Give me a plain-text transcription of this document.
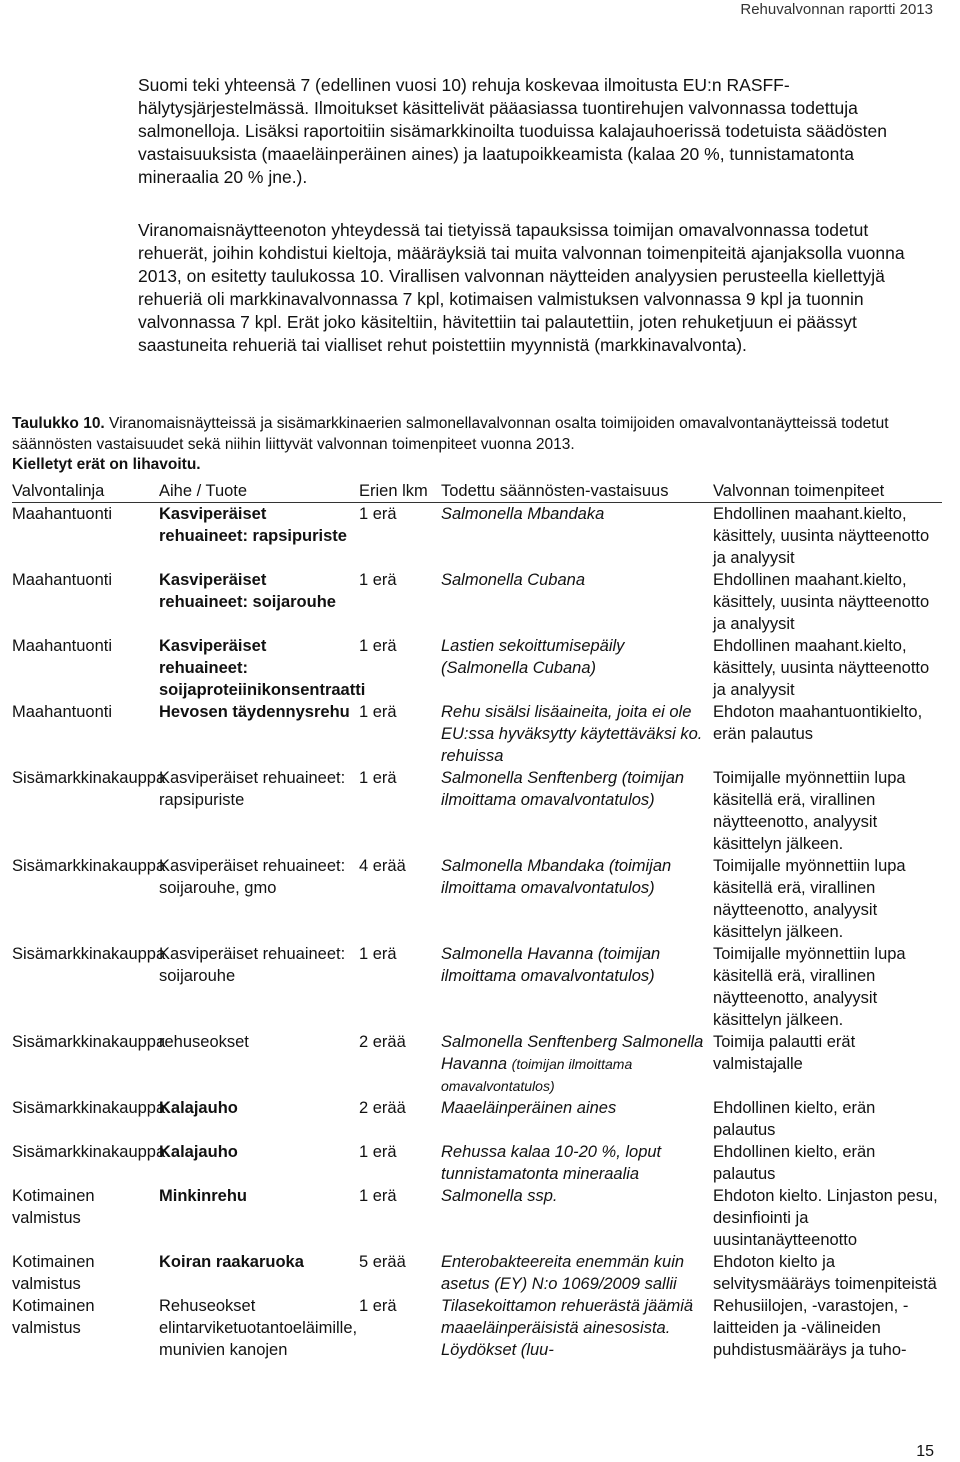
Rehuvalvonnan raportti 2013

Suomi teki yhteensä 7 (edellinen vuosi 10) rehuja koskevaa ilmoitusta EU:n RASFF-hälytysjärjestelmässä. Ilmoitukset käsittelivät pääasiassa tuontirehujen valvonnassa todettuja salmonelloja. Lisäksi raportoitiin sisämarkkinoilta tuoduissa kalajauhoerissä todetuista säädösten vastaisuuksista (maaeläinperäinen aines) ja laatupoikkeamista (kalaa 20 %, tunnistamatonta mineraalia 20 % jne.).

Viranomaisnäytteenoton yhteydessä tai tietyissä tapauksissa toimijan omavalvonnassa todetut rehuerät, joihin kohdistui kieltoja, määräyksiä tai muita valvonnan toimenpiteitä ajanjaksolla vuonna 2013, on esitetty taulukossa 10. Virallisen valvonnan näytteiden analyysien perusteella kiellettyjä rehueriä oli markkinavalvonnassa 7 kpl, kotimaisen valmistuksen valvonnassa 9 kpl ja tuonnin valvonnassa 7 kpl. Erät joko käsiteltiin, hävitettiin tai palautettiin, joten rehuketjuun ei päässyt saastuneita rehueriä tai vialliset rehut poistettiin myynnistä (markkinavalvonta).

Taulukko 10. Viranomaisnäytteissä ja sisämarkkinaerien salmonellavalvonnan osalta toimijoiden omavalvontanäytteissä todetut säännösten vastaisuudet sekä niihin liittyvät valvonnan toimenpiteet vuonna 2013.
Kielletyt erät on lihavoitu.

Valvontalinja	Aihe / Tuote	Erien lkm	Todettu säännösten-vastaisuus	Valvonnan toimenpiteet
Maahantuonti	Kasviperäiset rehuaineet: rapsipuriste	1 erä	Salmonella Mbandaka	Ehdollinen maahant.kielto, käsittely, uusinta näytteenotto ja analyysit
Maahantuonti	Kasviperäiset rehuaineet: soijarouhe	1 erä	Salmonella Cubana	Ehdollinen maahant.kielto, käsittely, uusinta näytteenotto ja analyysit
Maahantuonti	Kasviperäiset rehuaineet: soijaproteiinikonsentraatti	1 erä	Lastien sekoittumisepäily (Salmonella Cubana)	Ehdollinen maahant.kielto, käsittely, uusinta näytteenotto ja analyysit
Maahantuonti	Hevosen täydennysrehu	1 erä	Rehu sisälsi lisäaineita, joita ei ole EU:ssa hyväksytty käytettäväksi ko. rehuissa	Ehdoton maahantuontikielto, erän palautus
Sisämarkkinakauppa	Kasviperäiset rehuaineet: rapsipuriste	1 erä	Salmonella Senftenberg (toimijan ilmoittama omavalvontatulos)	Toimijalle myönnettiin lupa käsitellä erä, virallinen näytteenotto, analyysit käsittelyn jälkeen.
Sisämarkkinakauppa	Kasviperäiset rehuaineet: soijarouhe, gmo	4 erää	Salmonella Mbandaka (toimijan ilmoittama omavalvontatulos)	Toimijalle myönnettiin lupa käsitellä erä, virallinen näytteenotto, analyysit käsittelyn jälkeen.
Sisämarkkinakauppa	Kasviperäiset rehuaineet: soijarouhe	1 erä	Salmonella Havanna (toimijan ilmoittama omavalvontatulos)	Toimijalle myönnettiin lupa käsitellä erä, virallinen näytteenotto, analyysit käsittelyn jälkeen.
Sisämarkkinakauppa	rehuseokset	2 erää	Salmonella Senftenberg Salmonella Havanna (toimijan ilmoittama omavalvontatulos)	Toimija palautti erät valmistajalle
Sisämarkkinakauppa	Kalajauho	2 erää	Maaeläinperäinen aines	Ehdollinen kielto, erän palautus
Sisämarkkinakauppa	Kalajauho	1 erä	Rehussa kalaa 10-20 %, loput tunnistamatonta mineraalia	Ehdollinen kielto, erän palautus
Kotimainen valmistus	Minkinrehu	1 erä	Salmonella ssp.	Ehdoton kielto. Linjaston pesu, desinfiointi ja uusintanäytteenotto
Kotimainen valmistus	Koiran raakaruoka	5 erää	Enterobakteereita enemmän kuin asetus (EY) N:o 1069/2009 sallii	Ehdoton kielto ja selvitysmääräys toimenpiteistä
Kotimainen valmistus	Rehuseokset elintarviketuotantoeläimille, munivien kanojen	1 erä	Tilasekoittamon rehuerästä jäämiä maaeläinperäisistä ainesosista. Löydökset (luu-	Rehusiilojen, -varastojen, -laitteiden ja -välineiden puhdistusmääräys ja tuho-
15
